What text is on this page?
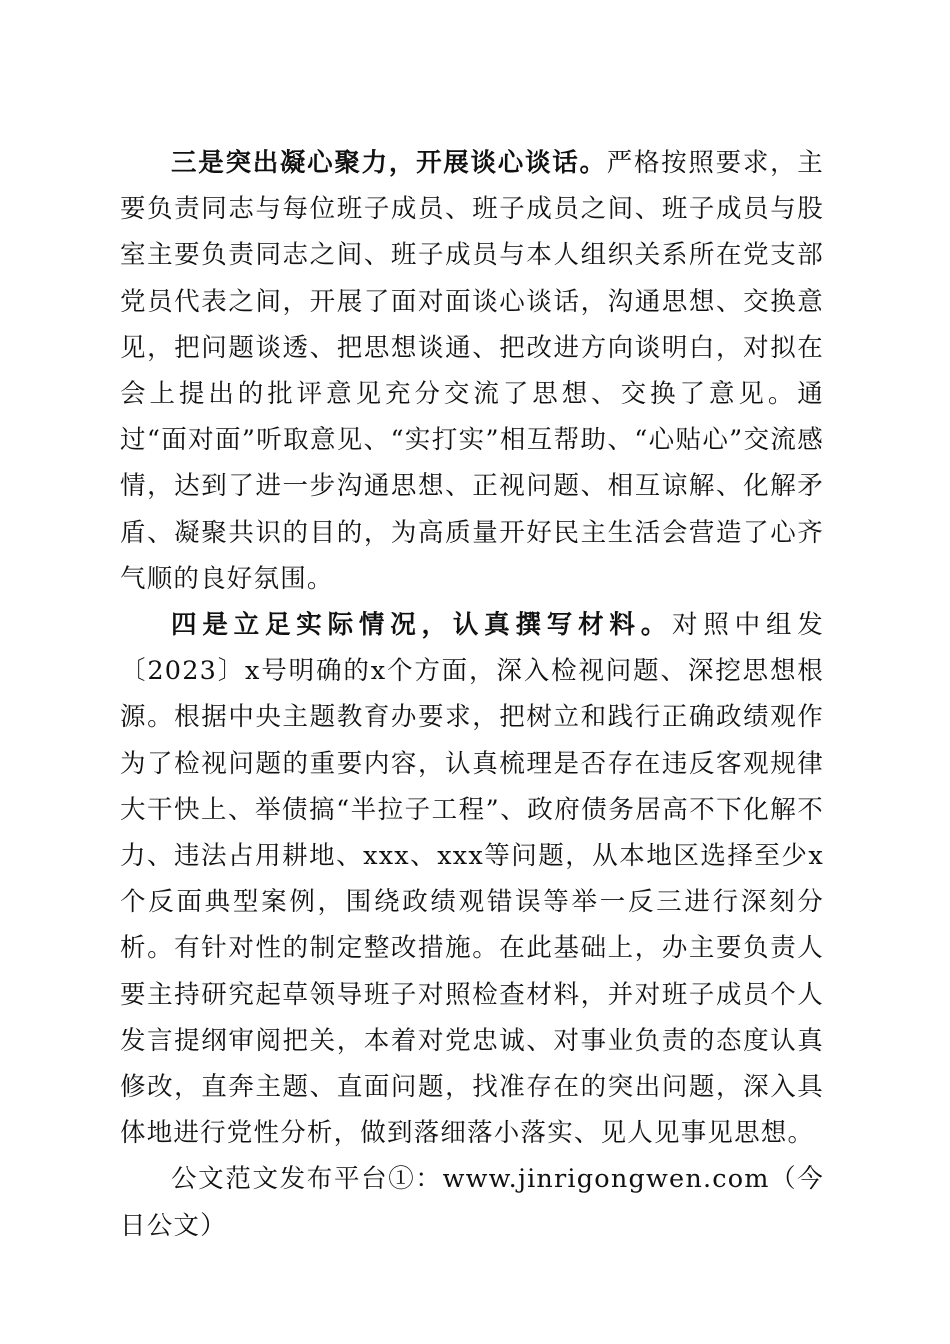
三是突出凝心聚力，开展谈心谈话。严格按照要求，主要负责同志与每位班子成员、班子成员之间、班子成员与股室主要负责同志之间、班子成员与本人组织关系所在党支部党员代表之间，开展了面对面谈心谈话，沟通思想、交换意见，把问题谈透、把思想谈通、把改进方向谈明白，对拟在会上提出的批评意见充分交流了思想、交换了意见。通过“面对面”听取意见、“实打实”相互帮助、“心贴心”交流感情，达到了进一步沟通思想、正视问题、相互谅解、化解矛盾、凝聚共识的目的，为高质量开好民主生活会营造了心齐气顺的良好氛围。

四是立足实际情况，认真撰写材料。对照中组发〔2023〕x号明确的x个方面，深入检视问题、深挖思想根源。根据中央主题教育办要求，把树立和践行正确政绩观作为了检视问题的重要内容，认真梳理是否存在违反客观规律大干快上、举债搞“半拉子工程”、政府债务居高不下化解不力、违法占用耕地、xxx、xxx等问题，从本地区选择至少x个反面典型案例，围绕政绩观错误等举一反三进行深刻分析。有针对性的制定整改措施。在此基础上，办主要负责人要主持研究起草领导班子对照检查材料，并对班子成员个人发言提纲审阅把关，本着对党忠诚、对事业负责的态度认真修改，直奔主题、直面问题，找准存在的突出问题，深入具体地进行党性分析，做到落细落小落实、见人见事见思想。

公文范文发布平台①：www.jinrigongwen.com（今日公文）
